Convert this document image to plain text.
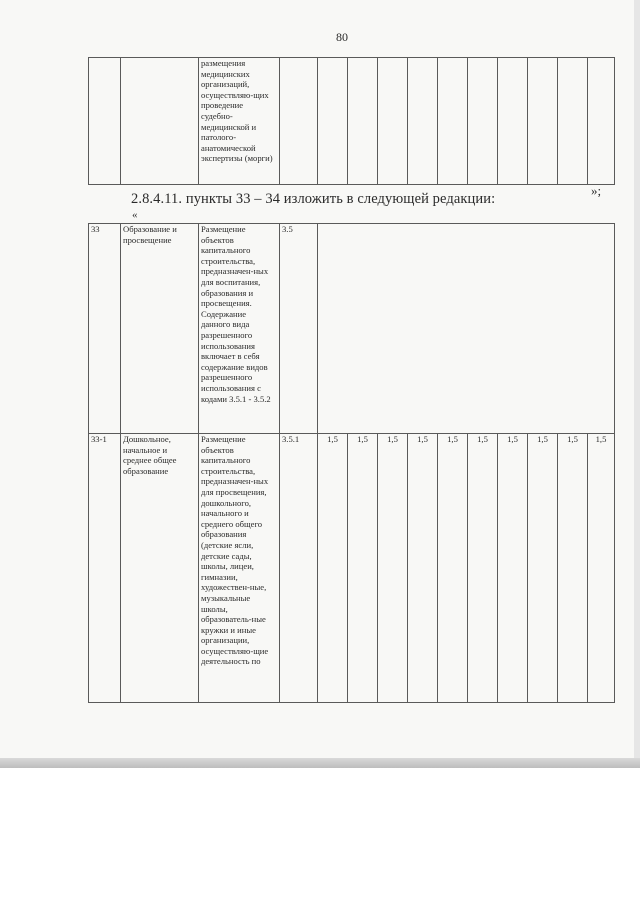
80
		размещения медицинских организаций, осуществляю-щих проведение судебно-медицинской и патолого-анатомической экспертизы (морги)											
»;
2.8.4.11. пункты 33 – 34 изложить в следующей редакции:
«
33	Образование и просвещение	Размещение объектов капитального строительства, предназначен-ных для воспитания, образования и просвещения. Содержание данного вида разрешенного использования включает в себя содержание видов разрешенного использования с кодами 3.5.1 - 3.5.2	3.5										
33-1	Дошкольное, начальное и среднее общее образование	Размещение объектов капитального строительства, предназначен-ных для просвещения, дошкольного, начального и среднего общего образования (детские ясли, детские сады, школы, лицеи, гимназии, художествен-ные, музыкальные школы, образователь-ные кружки и иные организации, осуществляю-щие деятельность по	3.5.1	1,5	1,5	1,5	1,5	1,5	1,5	1,5	1,5	1,5	1,5
